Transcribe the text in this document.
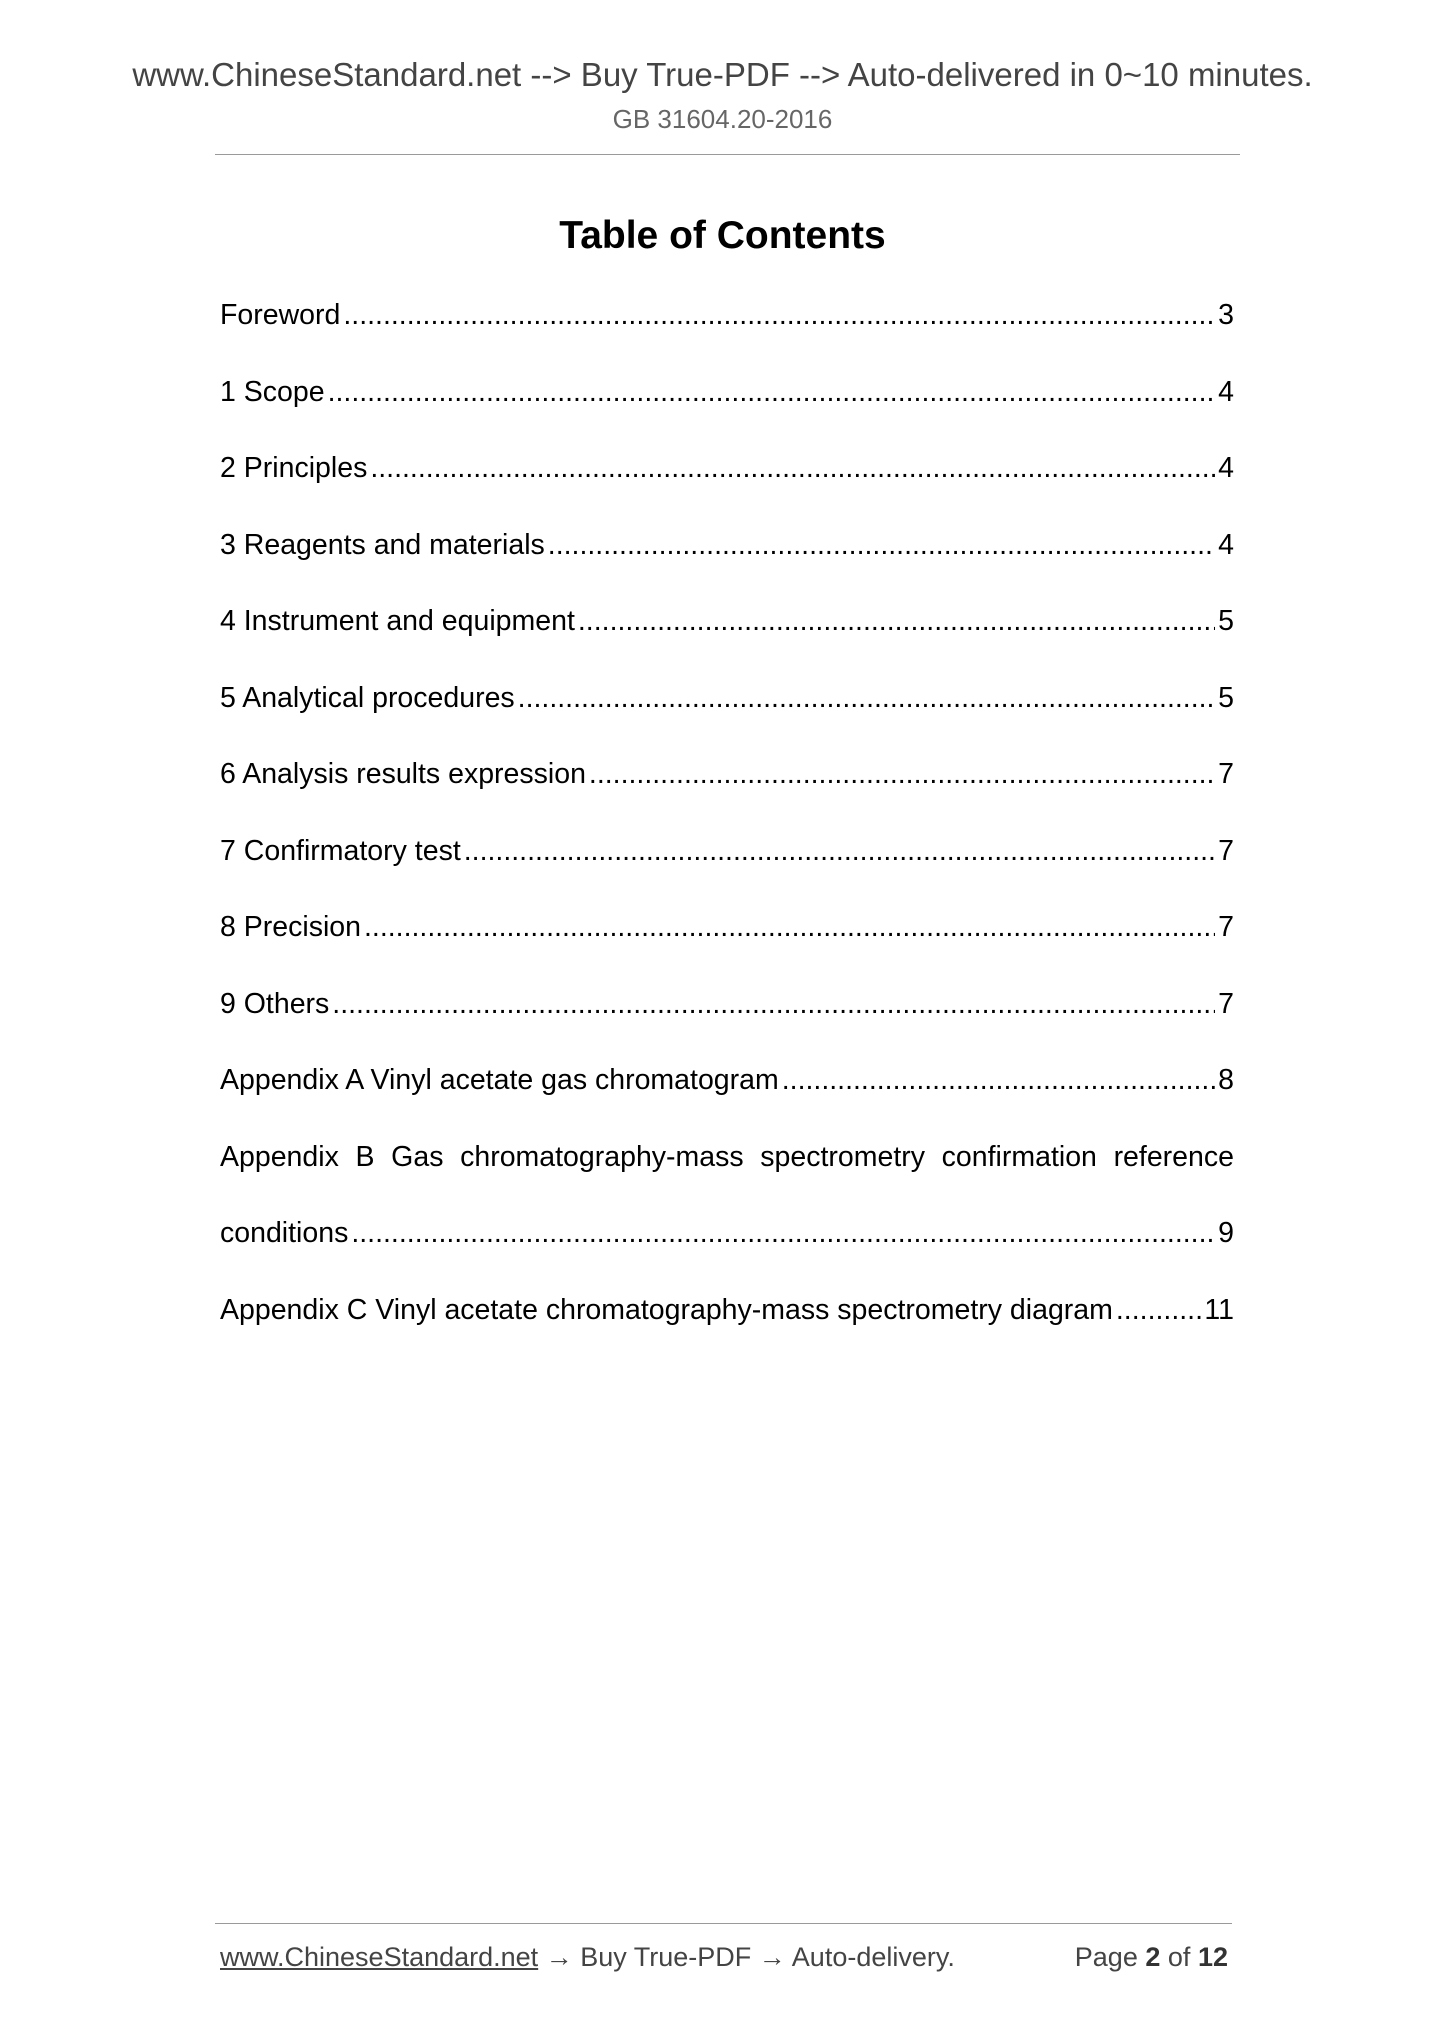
www.ChineseStandard.net --> Buy True-PDF --> Auto-delivered in 0~10 minutes.
GB 31604.20-2016
Table of Contents
Foreword .....	3
1 Scope .....	4
2 Principles .....	4
3 Reagents and materials .....	4
4 Instrument and equipment .....	5
5 Analytical procedures .....	5
6 Analysis results expression .....	7
7 Confirmatory test .....	7
8 Precision .....	7
9 Others .....	7
Appendix A Vinyl acetate gas chromatogram .....	8
Appendix B Gas chromatography-mass spectrometry confirmation reference
conditions .....	9
Appendix C Vinyl acetate chromatography-mass spectrometry diagram .....	11
www.ChineseStandard.net → Buy True-PDF → Auto-delivery.	Page 2 of 12
